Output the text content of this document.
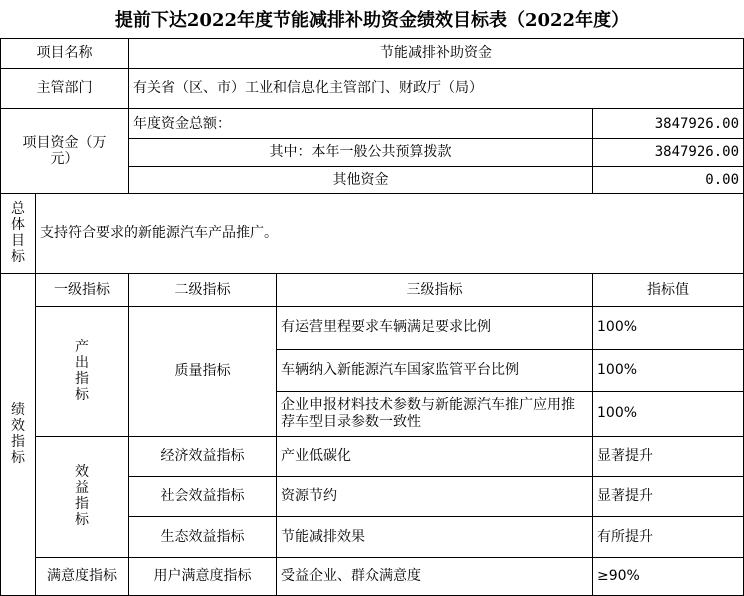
提前下达2022年度节能减排补助资金绩效目标表（2022年度）
项目名称		节能减排补助资金		
主管部门		有关省（区、市）工业和信息化主管部门、财政厅（局）		

项目资金（万元）		年度资金总额：		3847926.00
		其中：本年一般公共预算拨款		3847926.00
		其他资金		0.00
总体目标	支持符合要求的新能源汽车产品推广。			
绩效指标	一级指标	二级指标	三级指标	指标值
	产出指标	质量指标	有运营里程要求车辆满足要求比例	100%
			车辆纳入新能源汽车国家监管平台比例	100%
			企业申报材料技术参数与新能源汽车推广应用推荐车型目录参数一致性	100%
	效益指标	经济效益指标	产业低碳化	显著提升
		社会效益指标	资源节约	显著提升
		生态效益指标	节能减排效果	有所提升
	满意度指标	用户满意度指标	受益企业、群众满意度	≥90%
